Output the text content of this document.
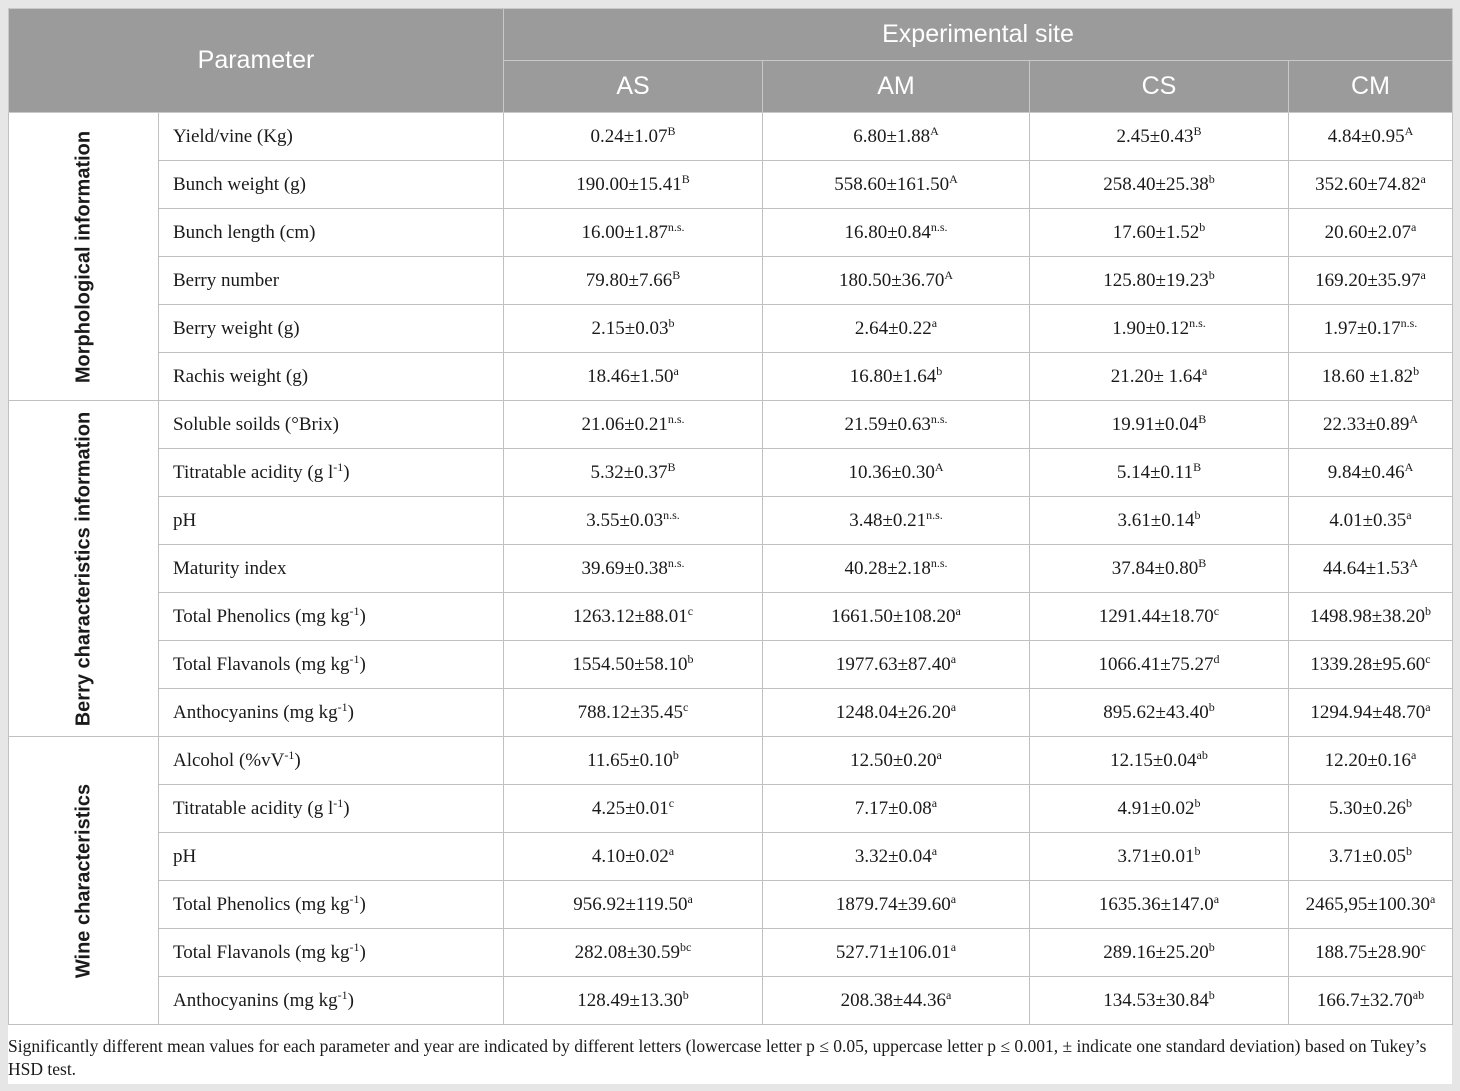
Parameter		Experimental site			
		AS	AM	CS	CM

Morphological information	Yield/vine (Kg)	$0.24\pm 1.07^B$	$6.80\pm 1.88^A$	$2.45\pm 0.43^B$	$4.84\pm 0.95^A$
	Bunch weight (g)	$190.00\pm 15.41^B$	$558.60\pm 161.50^A$	258.40±25.38$^b$	352.60±74.82$^a$
	Bunch length (cm)	$16.00\pm 1.87^{n.s.}$	$16.80\pm 0.84^{n.s.}$	17.60±1.52$^b$	20.60±2.07$^a$
	Berry number	$79.80\pm 7.66^B$	$180.50\pm 36.70^A$	125.80±19.23$^b$	169.20±35.97$^a$
	Berry weight (g)	2.15±0.03$^b$	2.64±0.22$^a$	$1.90\pm 0.12^{n.s.}$	$1.97\pm 0.17^{n.s.}$
	Rachis weight (g)	18.46±1.50$^a$	16.80±1.64$^b$	21.20± 1.64$^a$	18.60 ±1.82$^b$

Berry characteristics information	Soluble soilds (°Brix)	$21.06\pm 0.21^{n.s.}$	$21.59\pm 0.63^{n.s.}$	$19.91\pm 0.04^B$	$22.33\pm 0.89^A$
	Titratable acidity (g $l^{-1}$)	$5.32\pm 0.37^B$	$10.36\pm 0.30^A$	$5.14\pm 0.11^B$	$9.84\pm 0.46^A$
	pH	$3.55\pm 0.03^{n.s.}$	$3.48\pm 0.21^{n.s.}$	3.61±0.14$^b$	4.01±0.35$^a$
	Maturity index	$39.69\pm 0.38^{n.s.}$	$40.28\pm 2.18^{n.s.}$	$37.84\pm 0.80^B$	$44.64\pm 1.53^A$
	Total Phenolics (mg $kg^{-1}$)	1263.12±88.01$^c$	1661.50±108.20$^a$	1291.44±18.70$^c$	1498.98±38.20$^b$
	Total Flavanols (mg $kg^{-1}$)	1554.50±58.10$^b$	1977.63±87.40$^a$	1066.41±75.27$^d$	1339.28±95.60$^c$
	Anthocyanins (mg $kg^{-1}$)	788.12±35.45$^c$	1248.04±26.20$^a$	895.62±43.40$^b$	1294.94±48.70$^a$

Wine characteristics	Alcohol $(\%vV^{-1})$	11.65±0.10$^b$	12.50±0.20$^a$	12.15±0.04$^{ab}$	12.20±0.16$^a$
	Titratable acidity (g $l^{-1}$)	4.25±0.01$^c$	7.17±0.08$^a$	4.91±0.02$^b$	5.30±0.26$^b$
	pH	4.10±0.02$^a$	3.32±0.04$^a$	3.71±0.01$^b$	3.71±0.05$^b$
	Total Phenolics (mg $kg^{-1}$)	956.92±119.50$^a$	1879.74±39.60$^a$	1635.36±147.0$^a$	2465,95±100.30$^a$
	Total Flavanols (mg $kg^{-1}$)	282.08±30.59$^{bc}$	527.71±106.01$^a$	289.16±25.20$^b$	188.75±28.90$^c$
	Anthocyanins (mg $kg^{-1}$)	128.49±13.30$^b$	208.38±44.36$^a$	134.53±30.84$^b$	166.7±32.70$^{ab}$
Significantly different mean values for each parameter and year are indicated by different letters (lowercase letter p ≤ 0.05, uppercase letter p ≤ 0.001, ± indicate one standard deviation) based on Tukey’s HSD test.
